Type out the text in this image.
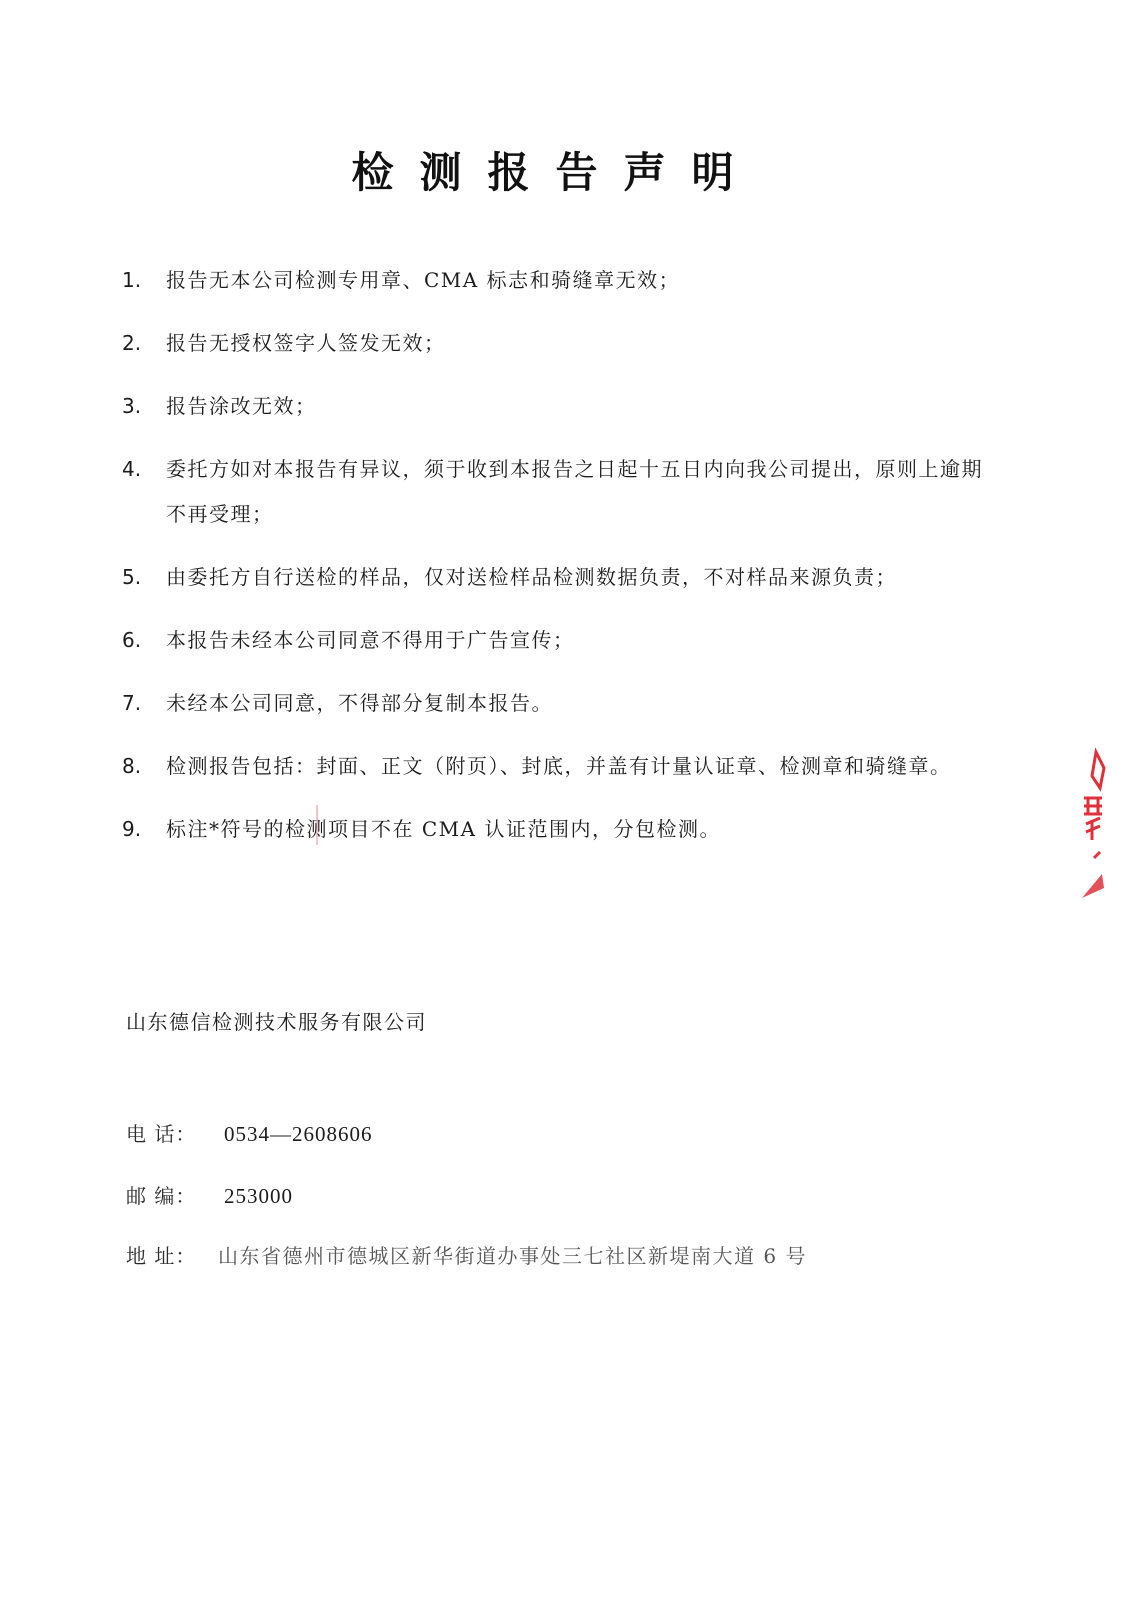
检测报告声明
1.	报告无本公司检测专用章、CMA 标志和骑缝章无效；
2.	报告无授权签字人签发无效；
3.	报告涂改无效；
4.	委托方如对本报告有异议，须于收到本报告之日起十五日内向我公司提出，原则上逾期不再受理；
5.	由委托方自行送检的样品，仅对送检样品检测数据负责，不对样品来源负责；
6.	本报告未经本公司同意不得用于广告宣传；
7.	未经本公司同意，不得部分复制本报告。
8.	检测报告包括：封面、正文（附页）、封底，并盖有计量认证章、检测章和骑缝章。
9.	标注*符号的检测项目不在 CMA 认证范围内，分包检测。
山东德信检测技术服务有限公司
电 话：	0534—2608606
邮 编：	253000
地 址：	山东省德州市德城区新华街道办事处三七社区新堤南大道 6 号
